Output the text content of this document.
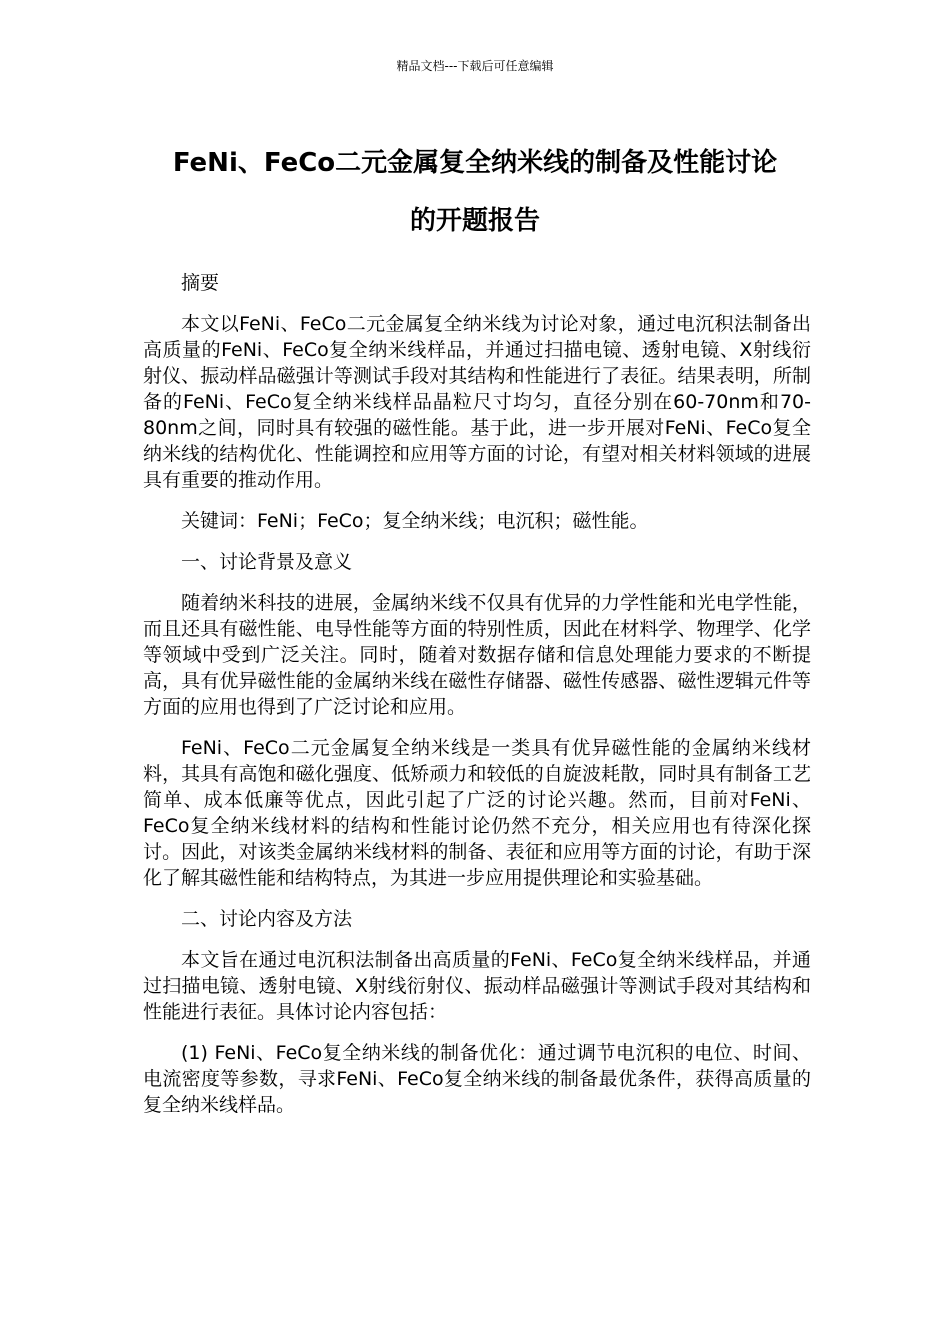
精品文档---下载后可任意编辑
FeNi、FeCo二元金属复全纳米线的制备及性能讨论
的开题报告

摘要

本文以FeNi、FeCo二元金属复全纳米线为讨论对象，通过电沉积法制备出高质量的FeNi、FeCo复全纳米线样品，并通过扫描电镜、透射电镜、X射线衍射仪、振动样品磁强计等测试手段对其结构和性能进行了表征。结果表明，所制备的FeNi、FeCo复全纳米线样品晶粒尺寸均匀，直径分别在60-70nm和70-80nm之间，同时具有较强的磁性能。基于此，进一步开展对FeNi、FeCo复全纳米线的结构优化、性能调控和应用等方面的讨论，有望对相关材料领域的进展具有重要的推动作用。

关键词：FeNi；FeCo；复全纳米线；电沉积；磁性能。

一、讨论背景及意义

随着纳米科技的进展，金属纳米线不仅具有优异的力学性能和光电学性能，而且还具有磁性能、电导性能等方面的特别性质，因此在材料学、物理学、化学等领域中受到广泛关注。同时，随着对数据存储和信息处理能力要求的不断提高，具有优异磁性能的金属纳米线在磁性存储器、磁性传感器、磁性逻辑元件等方面的应用也得到了广泛讨论和应用。

FeNi、FeCo二元金属复全纳米线是一类具有优异磁性能的金属纳米线材料，其具有高饱和磁化强度、低矫顽力和较低的自旋波耗散，同时具有制备工艺简单、成本低廉等优点，因此引起了广泛的讨论兴趣。然而，目前对FeNi、FeCo复全纳米线材料的结构和性能讨论仍然不充分，相关应用也有待深化探讨。因此，对该类金属纳米线材料的制备、表征和应用等方面的讨论，有助于深化了解其磁性能和结构特点，为其进一步应用提供理论和实验基础。

二、讨论内容及方法

本文旨在通过电沉积法制备出高质量的FeNi、FeCo复全纳米线样品，并通过扫描电镜、透射电镜、X射线衍射仪、振动样品磁强计等测试手段对其结构和性能进行表征。具体讨论内容包括：

(1) FeNi、FeCo复全纳米线的制备优化：通过调节电沉积的电位、时间、电流密度等参数，寻求FeNi、FeCo复全纳米线的制备最优条件，获得高质量的复全纳米线样品。
